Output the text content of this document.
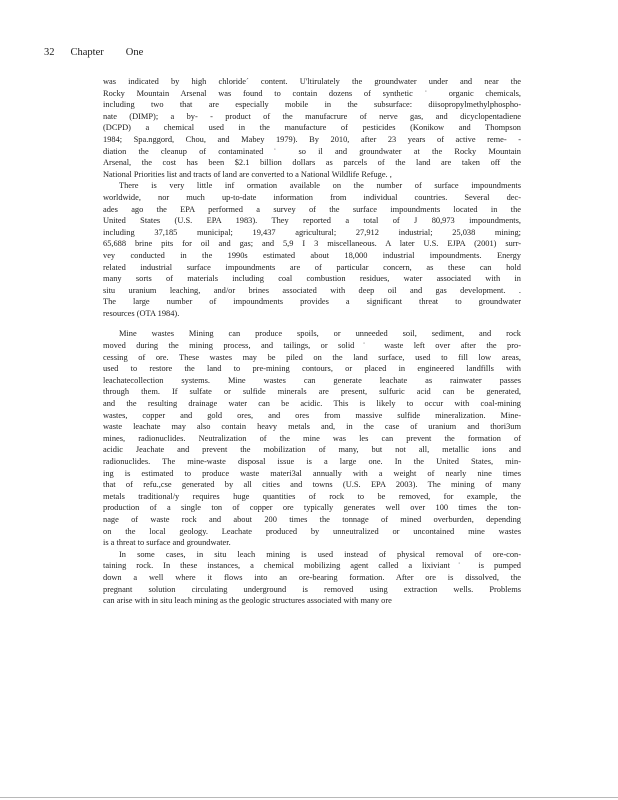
32 Chapter One
was indicated by high chloride´ content. U'ltirulately the groundwater under and near the
Rocky Mountain Arsenal was found to contain dozens of synthetic ˙ organic chemicals,
including two that are especially mobile in the subsurface: diisopropylmethylphospho-
nate (DIMP); a by- - product of the manufacrure of nerve gas, and dicyclopentadiene
(DCPD) a chemical used in the manufacture of pesticides (Konikow and Thompson
1984; Spa.nggord, Chou, and Mabey 1979). By 2010, after 23 years of active reme- -
diation the cleanup of contaminated˙ so il and groundwater at the Rocky Mountain
Arsenal, the cost has been $2.1 billion dollars as parcels of the land are taken off the
National Priorities list and tracts of land are converted to a National Wildlife Refuge. ,
There is very little inf ormation available on the number of surface impoundments
worldwide, nor much up-to-date information from individual countries. Several dec-
ades ago the EPA performed a survey of the surface impoundments located in the
United States (U.S. EPA 1983). They reported a total of J 80,973 impoundments,
including 37,185 municipal; 19,437 agricultural; 27,912 industrial; 25,038 mining;
65,688 brine pits for oil and gas; and 5,9 I 3 miscellaneous. A later U.S. EJPA (2001) surr-
vey conducted in the 1990s estimated about 18,000 industrial impoundments. Energy
related industrial surface impoundments are of particular concern, as these can hold
many sorts of materials including coal combustion residues, water associated with in
situ uranium leaching, and/or brines associated with deep oil and gas development. .
The large number of impoundments provides a significant threat to groundwater
resources (OTA 1984).
Mine wastes Mining can produce spoils, or unneeded soil, sediment, and rock
moved during the mining process, and tailings, or solid˙ waste left over after the pro-
cessing of ore. These wastes may be piled on the land surface, used to fill low areas,
used to restore the land to pre-mining contours, or placed in engineered landfills with
leachatecollection systems. Mine wastes can generate leachate as rainwater passes
through them. If sulfate or sulfide minerals are present, sulfuric acid can be generated,
and the resulting drainage water can be acidic. This is likely to occur with coal-mining
wastes, copper and gold ores, and ores from massive sulfide mineralization. Mine-
waste leachate may also contain heavy metals and, in the case of uranium and thori3um
mines, radionuclides. Neutralization of the mine was les can prevent the formation of
acidic Jeachate and prevent the mobilization of many, but not all, metallic ions and
radionuclides. The mine-waste disposal issue is a large one. In the United States, min-
ing is estimated to produce waste materi3al annually with a weight of nearly nine times
that of refu.,cse generated by all cities and towns (U.S. EPA 2003). The mining of many
metals traditional/y requires huge quantities of rock to be removed, for example, the
production of a single ton of copper ore typically generates well over 100 times the ton-
nage of waste rock and about 200 times the tonnage of mined overburden, depending
on the local geology. Leachate produced by unneutralized or uncontained mine wastes
is a threat to surface and groundwater.
In some cases, in situ leach mining is used instead of physical removal of ore-con-
taining rock. In these instances, a chemical mobilizing agent called a lixiviant˙ is pumped
down a well where it flows into an ore-bearing formation. After ore is dissolved, the
pregnant solution circulating underground is removed using extraction wells. Problems
can arise with in situ leach mining as the geologic structures associated with many ore
